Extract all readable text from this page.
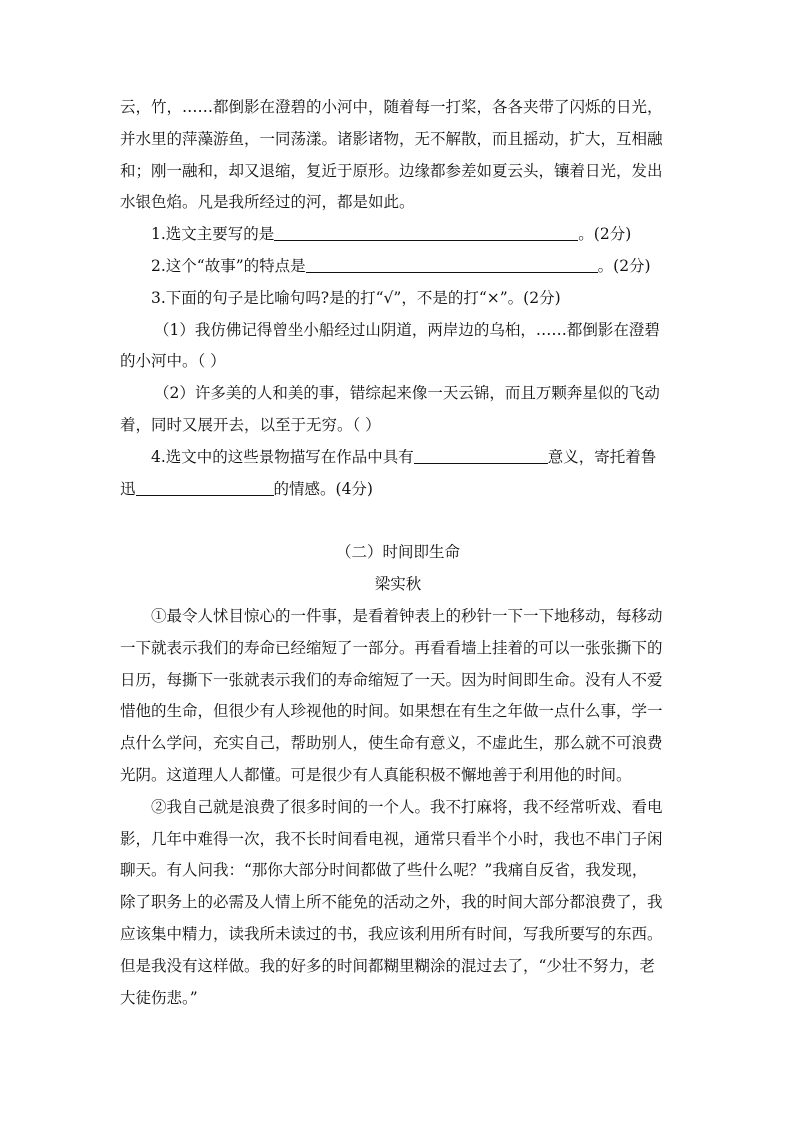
云，竹，……都倒影在澄碧的小河中，随着每一打桨，各各夹带了闪烁的日光，

并水里的萍藻游鱼，一同荡漾。诸影诸物，无不解散，而且摇动，扩大，互相融

和；刚一融和，却又退缩，复近于原形。边缘都参差如夏云头，镶着日光，发出

水银色焰。凡是我所经过的河，都是如此。

1.选文主要写的是	。(2分)

2.这个“故事”的特点是	。(2分)

3.下面的句子是比喻句吗?是的打“√”，不是的打“×”。(2分)

（1）我仿佛记得曾坐小船经过山阴道，两岸边的乌桕，……都倒影在澄碧

的小河中。（ ）

（2）许多美的人和美的事，错综起来像一天云锦，而且万颗奔星似的飞动

着，同时又展开去，以至于无穷。（ ）

4.选文中的这些景物描写在作品中具有	意义，寄托着鲁

迅	的情感。(4分)

（二）时间即生命

梁实秋

①最令人怵目惊心的一件事，是看着钟表上的秒针一下一下地移动，每移动

一下就表示我们的寿命已经缩短了一部分。再看看墙上挂着的可以一张张撕下的

日历，每撕下一张就表示我们的寿命缩短了一天。因为时间即生命。没有人不爱

惜他的生命，但很少有人珍视他的时间。如果想在有生之年做一点什么事，学一

点什么学问，充实自己，帮助别人，使生命有意义，不虚此生，那么就不可浪费

光阴。这道理人人都懂。可是很少有人真能积极不懈地善于利用他的时间。

②我自己就是浪费了很多时间的一个人。我不打麻将，我不经常听戏、看电

影，几年中难得一次，我不长时间看电视，通常只看半个小时，我也不串门子闲

聊天。有人问我：“那你大部分时间都做了些什么呢？”我痛自反省，我发现，

除了职务上的必需及人情上所不能免的活动之外，我的时间大部分都浪费了，我

应该集中精力，读我所未读过的书，我应该利用所有时间，写我所要写的东西。

但是我没有这样做。我的好多的时间都糊里糊涂的混过去了，“少壮不努力，老

大徒伤悲。”
